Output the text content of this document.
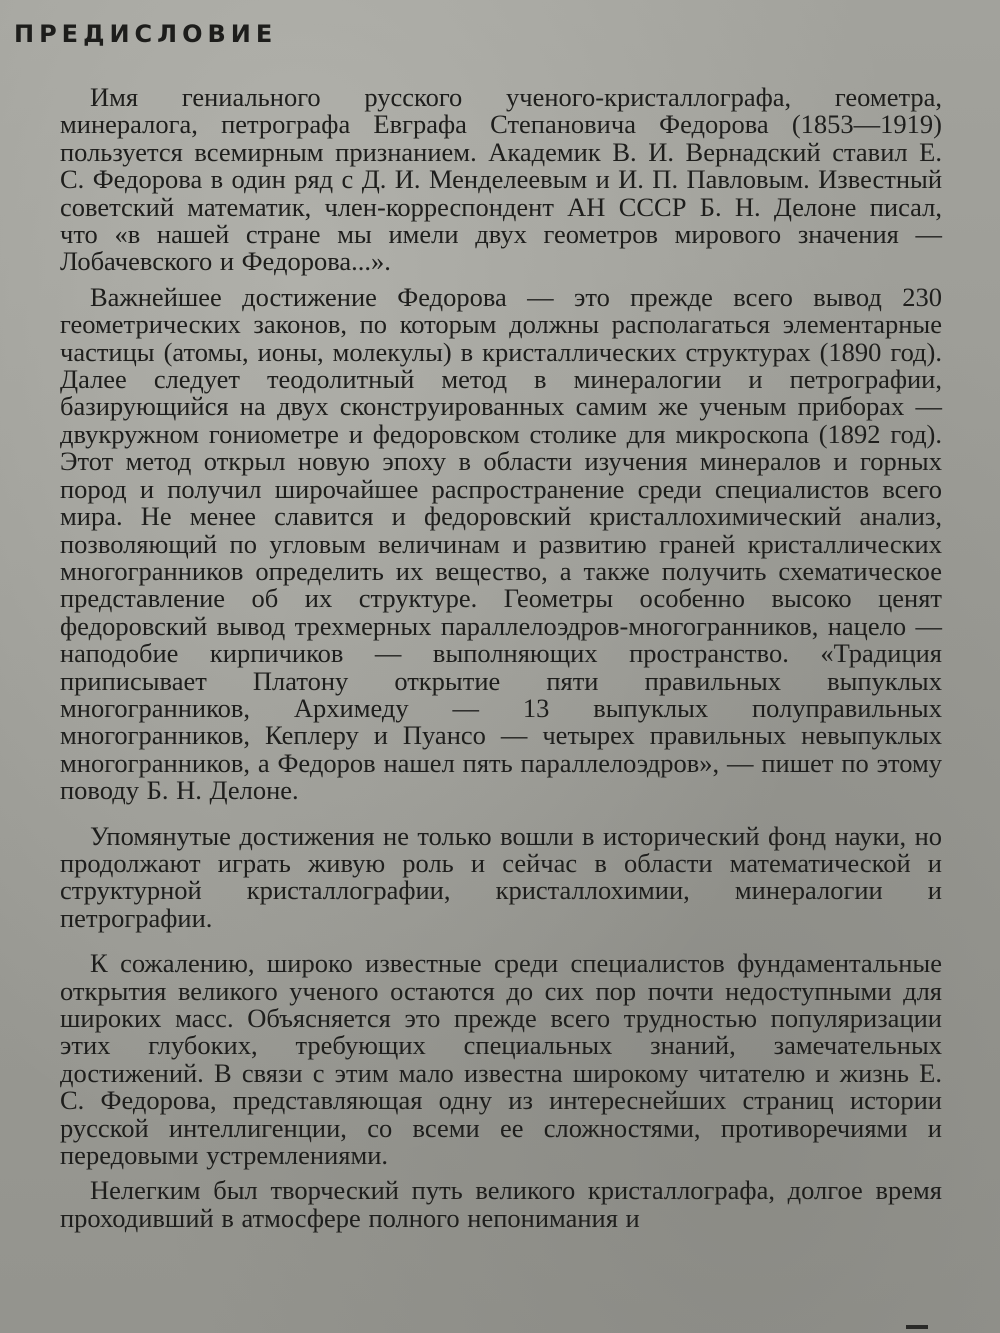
ПРЕДИСЛОВИЕ

Имя гениального русского ученого-кристаллографа, геометра, минералога, петрографа Евграфа Степановича Федорова (1853—1919) пользуется всемирным признанием. Академик В. И. Вернадский ставил Е. С. Федорова в один ряд с Д. И. Менделеевым и И. П. Павловым. Известный советский математик, член-корреспондент АН СССР Б. Н. Делоне писал, что «в нашей стране мы имели двух геометров мирового значения — Лобачевского и Федорова...».

Важнейшее достижение Федорова — это прежде всего вывод 230 геометрических законов, по которым должны располагаться элементарные частицы (атомы, ионы, молекулы) в кристаллических структурах (1890 год). Далее следует теодолитный метод в минералогии и петрографии, базирующийся на двух сконструированных самим же ученым приборах — двукружном гониометре и федоровском столике для микроскопа (1892 год). Этот метод открыл новую эпоху в области изучения минералов и горных пород и получил широчайшее распространение среди специалистов всего мира. Не менее славится и федоровский кристаллохимический анализ, позволяющий по угловым величинам и развитию граней кристаллических многогранников определить их вещество, а также получить схематическое представление об их структуре. Геометры особенно высоко ценят федоровский вывод трехмерных параллелоэдров-многогранников, нацело — наподобие кирпичиков — выполняющих пространство. «Традиция приписывает Платону открытие пяти правильных выпуклых многогранников, Архимеду — 13 выпуклых полуправильных многогранников, Кеплеру и Пуансо — четырех правильных невыпуклых многогранников, а Федоров нашел пять параллелоэдров», — пишет по этому поводу Б. Н. Делоне.

Упомянутые достижения не только вошли в исторический фонд науки, но продолжают играть живую роль и сейчас в области математической и структурной кристаллографии, кристаллохимии, минералогии и петрографии.

К сожалению, широко известные среди специалистов фундаментальные открытия великого ученого остаются до сих пор почти недоступными для широких масс. Объясняется это прежде всего трудностью популяризации этих глубоких, требующих специальных знаний, замечательных достижений. В связи с этим мало известна широкому читателю и жизнь Е. С. Федорова, представляющая одну из интереснейших страниц истории русской интеллигенции, со всеми ее сложностями, противоречиями и передовыми устремлениями.

Нелегким был творческий путь великого кристаллографа, долгое время проходивший в атмосфере полного непонимания и
